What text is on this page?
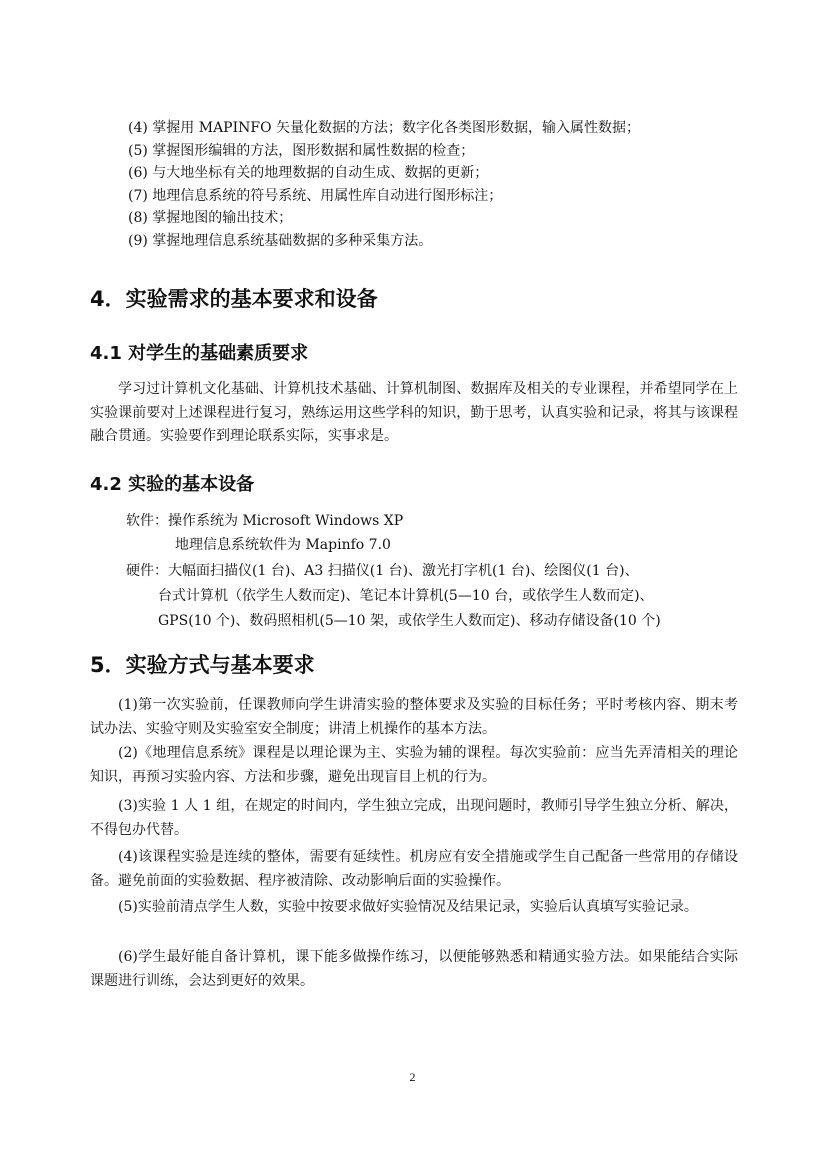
(4) 掌握用 MAPINFO 矢量化数据的方法；数字化各类图形数据，输入属性数据；
(5) 掌握图形编辑的方法，图形数据和属性数据的检查；
(6) 与大地坐标有关的地理数据的自动生成、数据的更新；
(7) 地理信息系统的符号系统、用属性库自动进行图形标注；
(8) 掌握地图的输出技术；
(9) 掌握地理信息系统基础数据的多种采集方法。
4．实验需求的基本要求和设备
4.1 对学生的基础素质要求
学习过计算机文化基础、计算机技术基础、计算机制图、数据库及相关的专业课程，并希望同学在上实验课前要对上述课程进行复习，熟练运用这些学科的知识，勤于思考，认真实验和记录，将其与该课程融合贯通。实验要作到理论联系实际，实事求是。
4.2 实验的基本设备
软件：操作系统为 Microsoft Windows XP
地理信息系统软件为 Mapinfo 7.0
硬件：大幅面扫描仪(1 台)、A3 扫描仪(1 台)、激光打字机(1 台)、绘图仪(1 台)、
台式计算机（依学生人数而定)、笔记本计算机(5—10 台，或依学生人数而定)、
GPS(10 个)、数码照相机(5—10 架，或依学生人数而定)、移动存储设备(10 个)
5．实验方式与基本要求
(1)第一次实验前，任课教师向学生讲清实验的整体要求及实验的目标任务；平时考核内容、期末考试办法、实验守则及实验室安全制度；讲清上机操作的基本方法。
(2)《地理信息系统》课程是以理论课为主、实验为辅的课程。每次实验前：应当先弄清相关的理论知识，再预习实验内容、方法和步骤，避免出现盲目上机的行为。
(3)实验 1 人 1 组，在规定的时间内，学生独立完成，出现问题时，教师引导学生独立分析、解决，不得包办代替。
(4)该课程实验是连续的整体，需要有延续性。机房应有安全措施或学生自己配备一些常用的存储设备。避免前面的实验数据、程序被清除、改动影响后面的实验操作。
(5)实验前清点学生人数，实验中按要求做好实验情况及结果记录，实验后认真填写实验记录。
(6)学生最好能自备计算机，课下能多做操作练习，以便能够熟悉和精通实验方法。如果能结合实际课题进行训练，会达到更好的效果。
2
